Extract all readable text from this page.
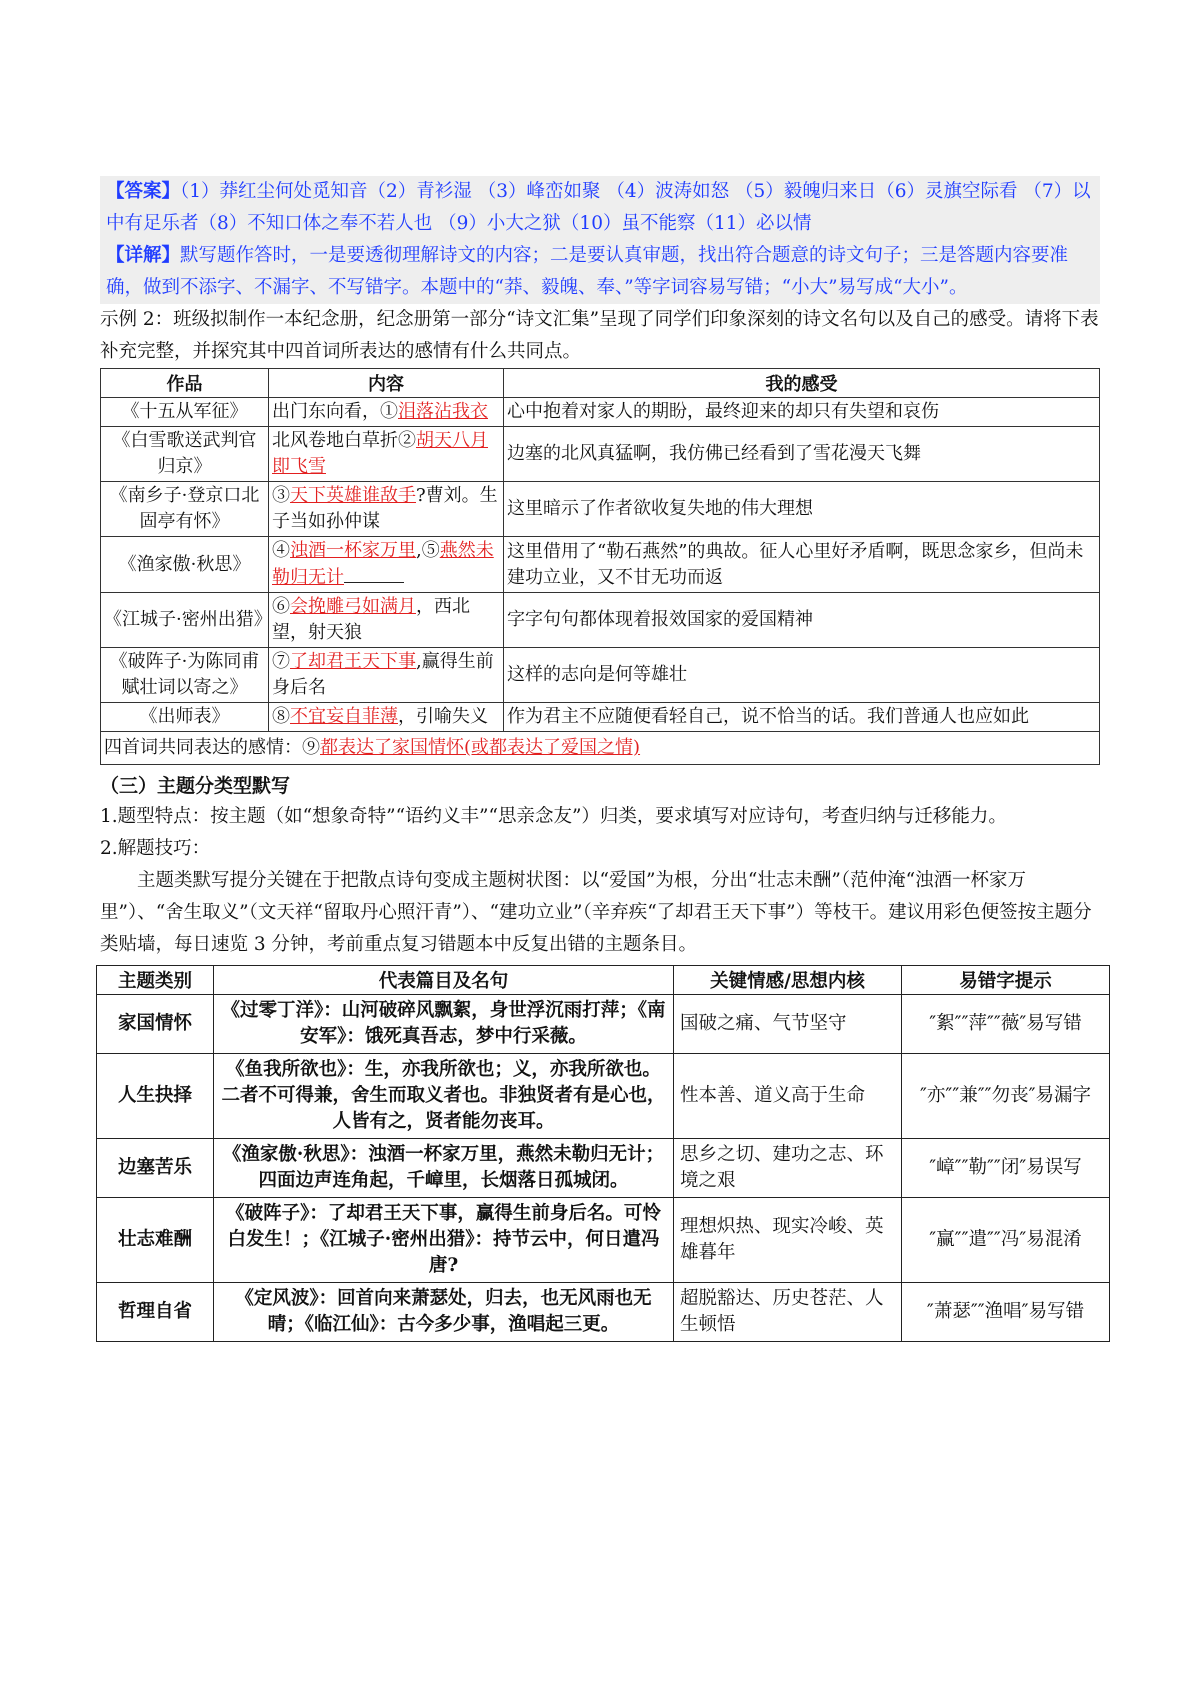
【答案】（1）莽红尘何处觅知音（2）青衫湿 （3）峰峦如聚 （4）波涛如怒 （5）毅魄归来日（6）灵旗空际看 （7）以中有足乐者（8）不知口体之奉不若人也 （9）小大之狱（10）虽不能察（11）必以情

【详解】默写题作答时，一是要透彻理解诗文的内容；二是要认真审题，找出符合题意的诗文句子；三是答题内容要准确，做到不添字、不漏字、不写错字。本题中的“莽、毅魄、奉、”等字词容易写错；“小大”易写成“大小”。

示例 2：班级拟制作一本纪念册，纪念册第一部分“诗文汇集”呈现了同学们印象深刻的诗文名句以及自己的感受。请将下表补充完整，并探究其中四首词所表达的感情有什么共同点。

作品	内容	我的感受
《十五从军征》	出门东向看，①泪落沾我衣	心中抱着对家人的期盼，最终迎来的却只有失望和哀伤
《白雪歌送武判官归京》	北风卷地白草折②胡天八月即飞雪	边塞的北风真猛啊，我仿佛已经看到了雪花漫天飞舞
《南乡子·登京口北固亭有怀》	③天下英雄谁敌手?曹刘。生子当如孙仲谋	这里暗示了作者欲收复失地的伟大理想
《渔家傲·秋思》	④浊酒一杯家万里,⑤燕然未勒归无计	这里借用了“勒石燕然”的典故。征人心里好矛盾啊，既思念家乡，但尚未建功立业，又不甘无功而返
《江城子·密州出猎》	⑥会挽雕弓如满月，西北望，射天狼	字字句句都体现着报效国家的爱国精神
《破阵子·为陈同甫赋壮词以寄之》	⑦了却君王天下事,赢得生前身后名	这样的志向是何等雄壮
《出师表》	⑧不宜妄自菲薄，引喻失义	作为君主不应随便看轻自己，说不恰当的话。我们普通人也应如此
四首词共同表达的感情：⑨都表达了家国情怀(或都表达了爱国之情)		

（三）主题分类型默写

1.题型特点：按主题（如“想象奇特”“语约义丰”“思亲念友”）归类，要求填写对应诗句，考查归纳与迁移能力。

2.解题技巧：

主题类默写提分关键在于把散点诗句变成主题树状图：以“爱国”为根，分出“壮志未酬”（范仲淹“浊酒一杯家万里”）、“舍生取义”（文天祥“留取丹心照汗青”）、“建功立业”（辛弃疾“了却君王天下事”）等枝干。建议用彩色便签按主题分类贴墙，每日速览 3 分钟，考前重点复习错题本中反复出错的主题条目。

主题类别	代表篇目及名句	关键情感/思想内核	易错字提示
家国情怀	《过零丁洋》：山河破碎风飘絮，身世浮沉雨打萍；《南安军》：饿死真吾志，梦中行采薇。	国破之痛、气节坚守	″絮″″萍″″薇″易写错
人生抉择	《鱼我所欲也》：生，亦我所欲也；义，亦我所欲也。二者不可得兼，舍生而取义者也。非独贤者有是心也，人皆有之，贤者能勿丧耳。	性本善、道义高于生命	″亦″″兼″″勿丧″易漏字
边塞苦乐	《渔家傲·秋思》：浊酒一杯家万里，燕然未勒归无计；四面边声连角起，千嶂里，长烟落日孤城闭。	思乡之切、建功之志、环境之艰	″嶂″″勒″″闭″易误写
壮志难酬	《破阵子》：了却君王天下事，赢得生前身后名。可怜白发生！；《江城子·密州出猎》：持节云中，何日遣冯唐?	理想炽热、现实冷峻、英雄暮年	″赢″″遣″″冯″易混淆
哲理自省	《定风波》：回首向来萧瑟处，归去，也无风雨也无晴；《临江仙》：古今多少事，渔唱起三更。	超脱豁达、历史苍茫、人生顿悟	″萧瑟″″渔唱″易写错
